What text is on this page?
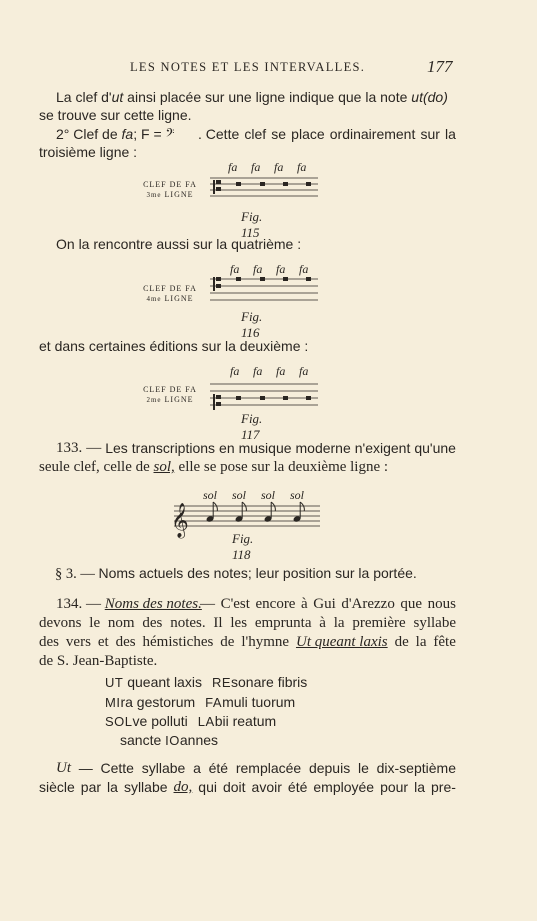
LES NOTES ET LES INTERVALLES.	177
La clef d'ut ainsi placée sur une ligne indique que la note ut(do)
se trouve sur cette ligne.
2° Clef de fa; F = 𝄢	. Cette clef se place ordinairement sur la
troisième ligne :
fa	fa	fa	fa
CLEF DE FA
3me LIGNE
Fig. 115
On la rencontre aussi sur la quatrième :
fa	fa	fa	fa
CLEF DE FA
4me LIGNE
Fig. 116
et dans certaines éditions sur la deuxième :
fa	fa	fa	fa
CLEF DE FA
2me LIGNE
Fig. 117
133. — Les transcriptions en musique moderne n'exigent qu'une
seule clef, celle de sol, elle se pose sur la deuxième ligne :
sol	sol	sol	sol
𝄞
Fig. 118
§ 3. — Noms actuels des notes; leur position sur la portée.
134. — Noms des notes.
— C'est encore à Gui d'Arezzo que nous
devons le nom des notes. Il les emprunta à la première syllabe
des vers et des hémistiches de l'hymne Ut queant laxis de la fête
de S. Jean-Baptiste.
UT queant laxis REsonare fibris
MIra gestorum FAmuli tuorum
SOLve polluti LAbii reatum
sancte IOannes
Ut — Cette syllabe a été remplacée depuis le dix-septième
siècle par la syllabe do, qui doit avoir été employée pour la pre-
